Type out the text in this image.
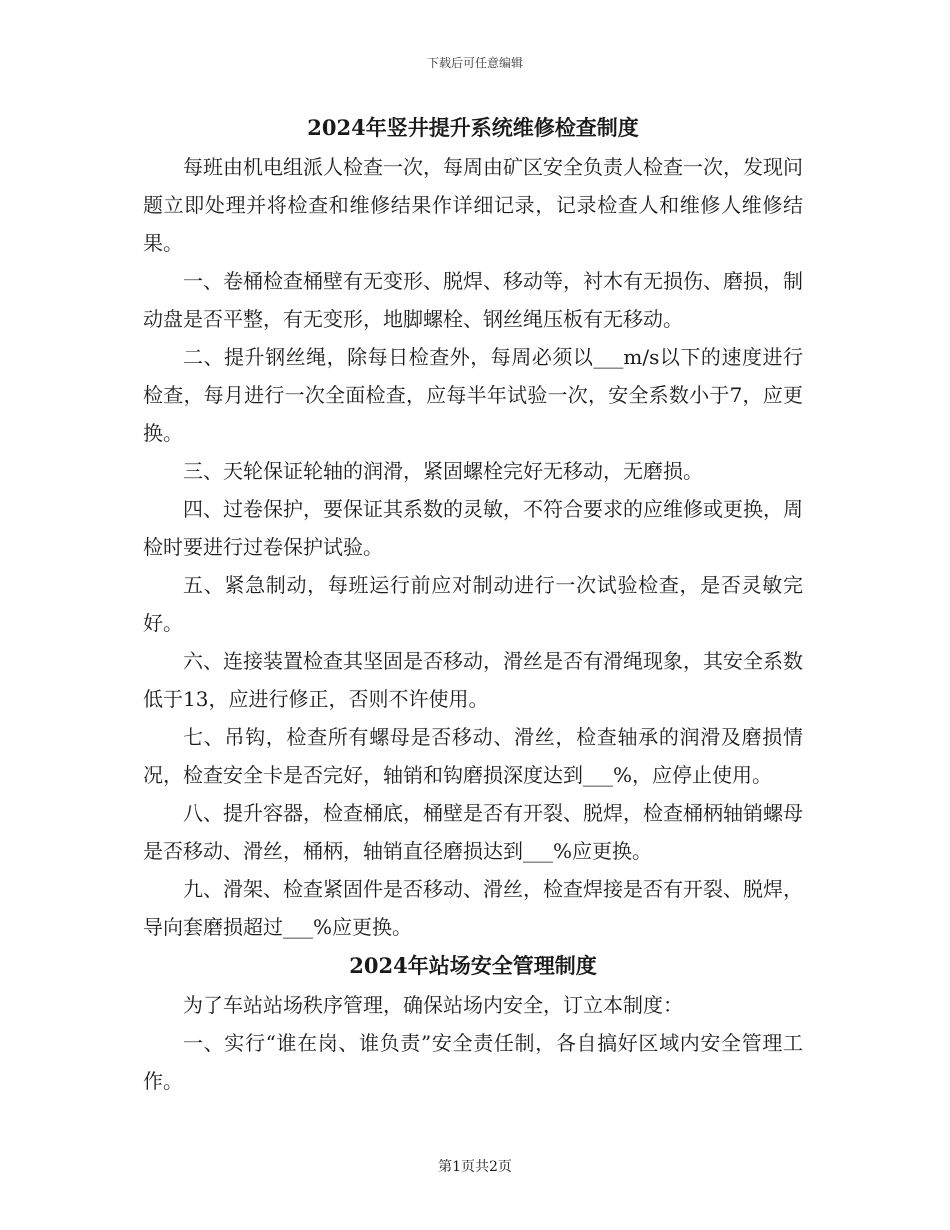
下载后可任意编辑
2024年竖井提升系统维修检查制度

每班由机电组派人检查一次，每周由矿区安全负责人检查一次，发现问题立即处理并将检查和维修结果作详细记录，记录检查人和维修人维修结果。

一、卷桶检查桶壁有无变形、脱焊、移动等，衬木有无损伤、磨损，制动盘是否平整，有无变形，地脚螺栓、钢丝绳压板有无移动。

二、提升钢丝绳，除每日检查外，每周必须以___m/s以下的速度进行检查，每月进行一次全面检查，应每半年试验一次，安全系数小于7，应更换。

三、天轮保证轮轴的润滑，紧固螺栓完好无移动，无磨损。

四、过卷保护，要保证其系数的灵敏，不符合要求的应维修或更换，周检时要进行过卷保护试验。

五、紧急制动，每班运行前应对制动进行一次试验检查，是否灵敏完好。

六、连接装置检查其坚固是否移动，滑丝是否有滑绳现象，其安全系数低于13，应进行修正，否则不许使用。

七、吊钩，检查所有螺母是否移动、滑丝，检查轴承的润滑及磨损情况，检查安全卡是否完好，轴销和钩磨损深度达到___%，应停止使用。

八、提升容器，检查桶底，桶壁是否有开裂、脱焊，检查桶柄轴销螺母是否移动、滑丝，桶柄，轴销直径磨损达到___%应更换。

九、滑架、检查紧固件是否移动、滑丝，检查焊接是否有开裂、脱焊，导向套磨损超过___%应更换。

2024年站场安全管理制度

为了车站站场秩序管理，确保站场内安全，订立本制度：

一、实行“谁在岗、谁负责”安全责任制，各自搞好区域内安全管理工作。

第1页共2页
